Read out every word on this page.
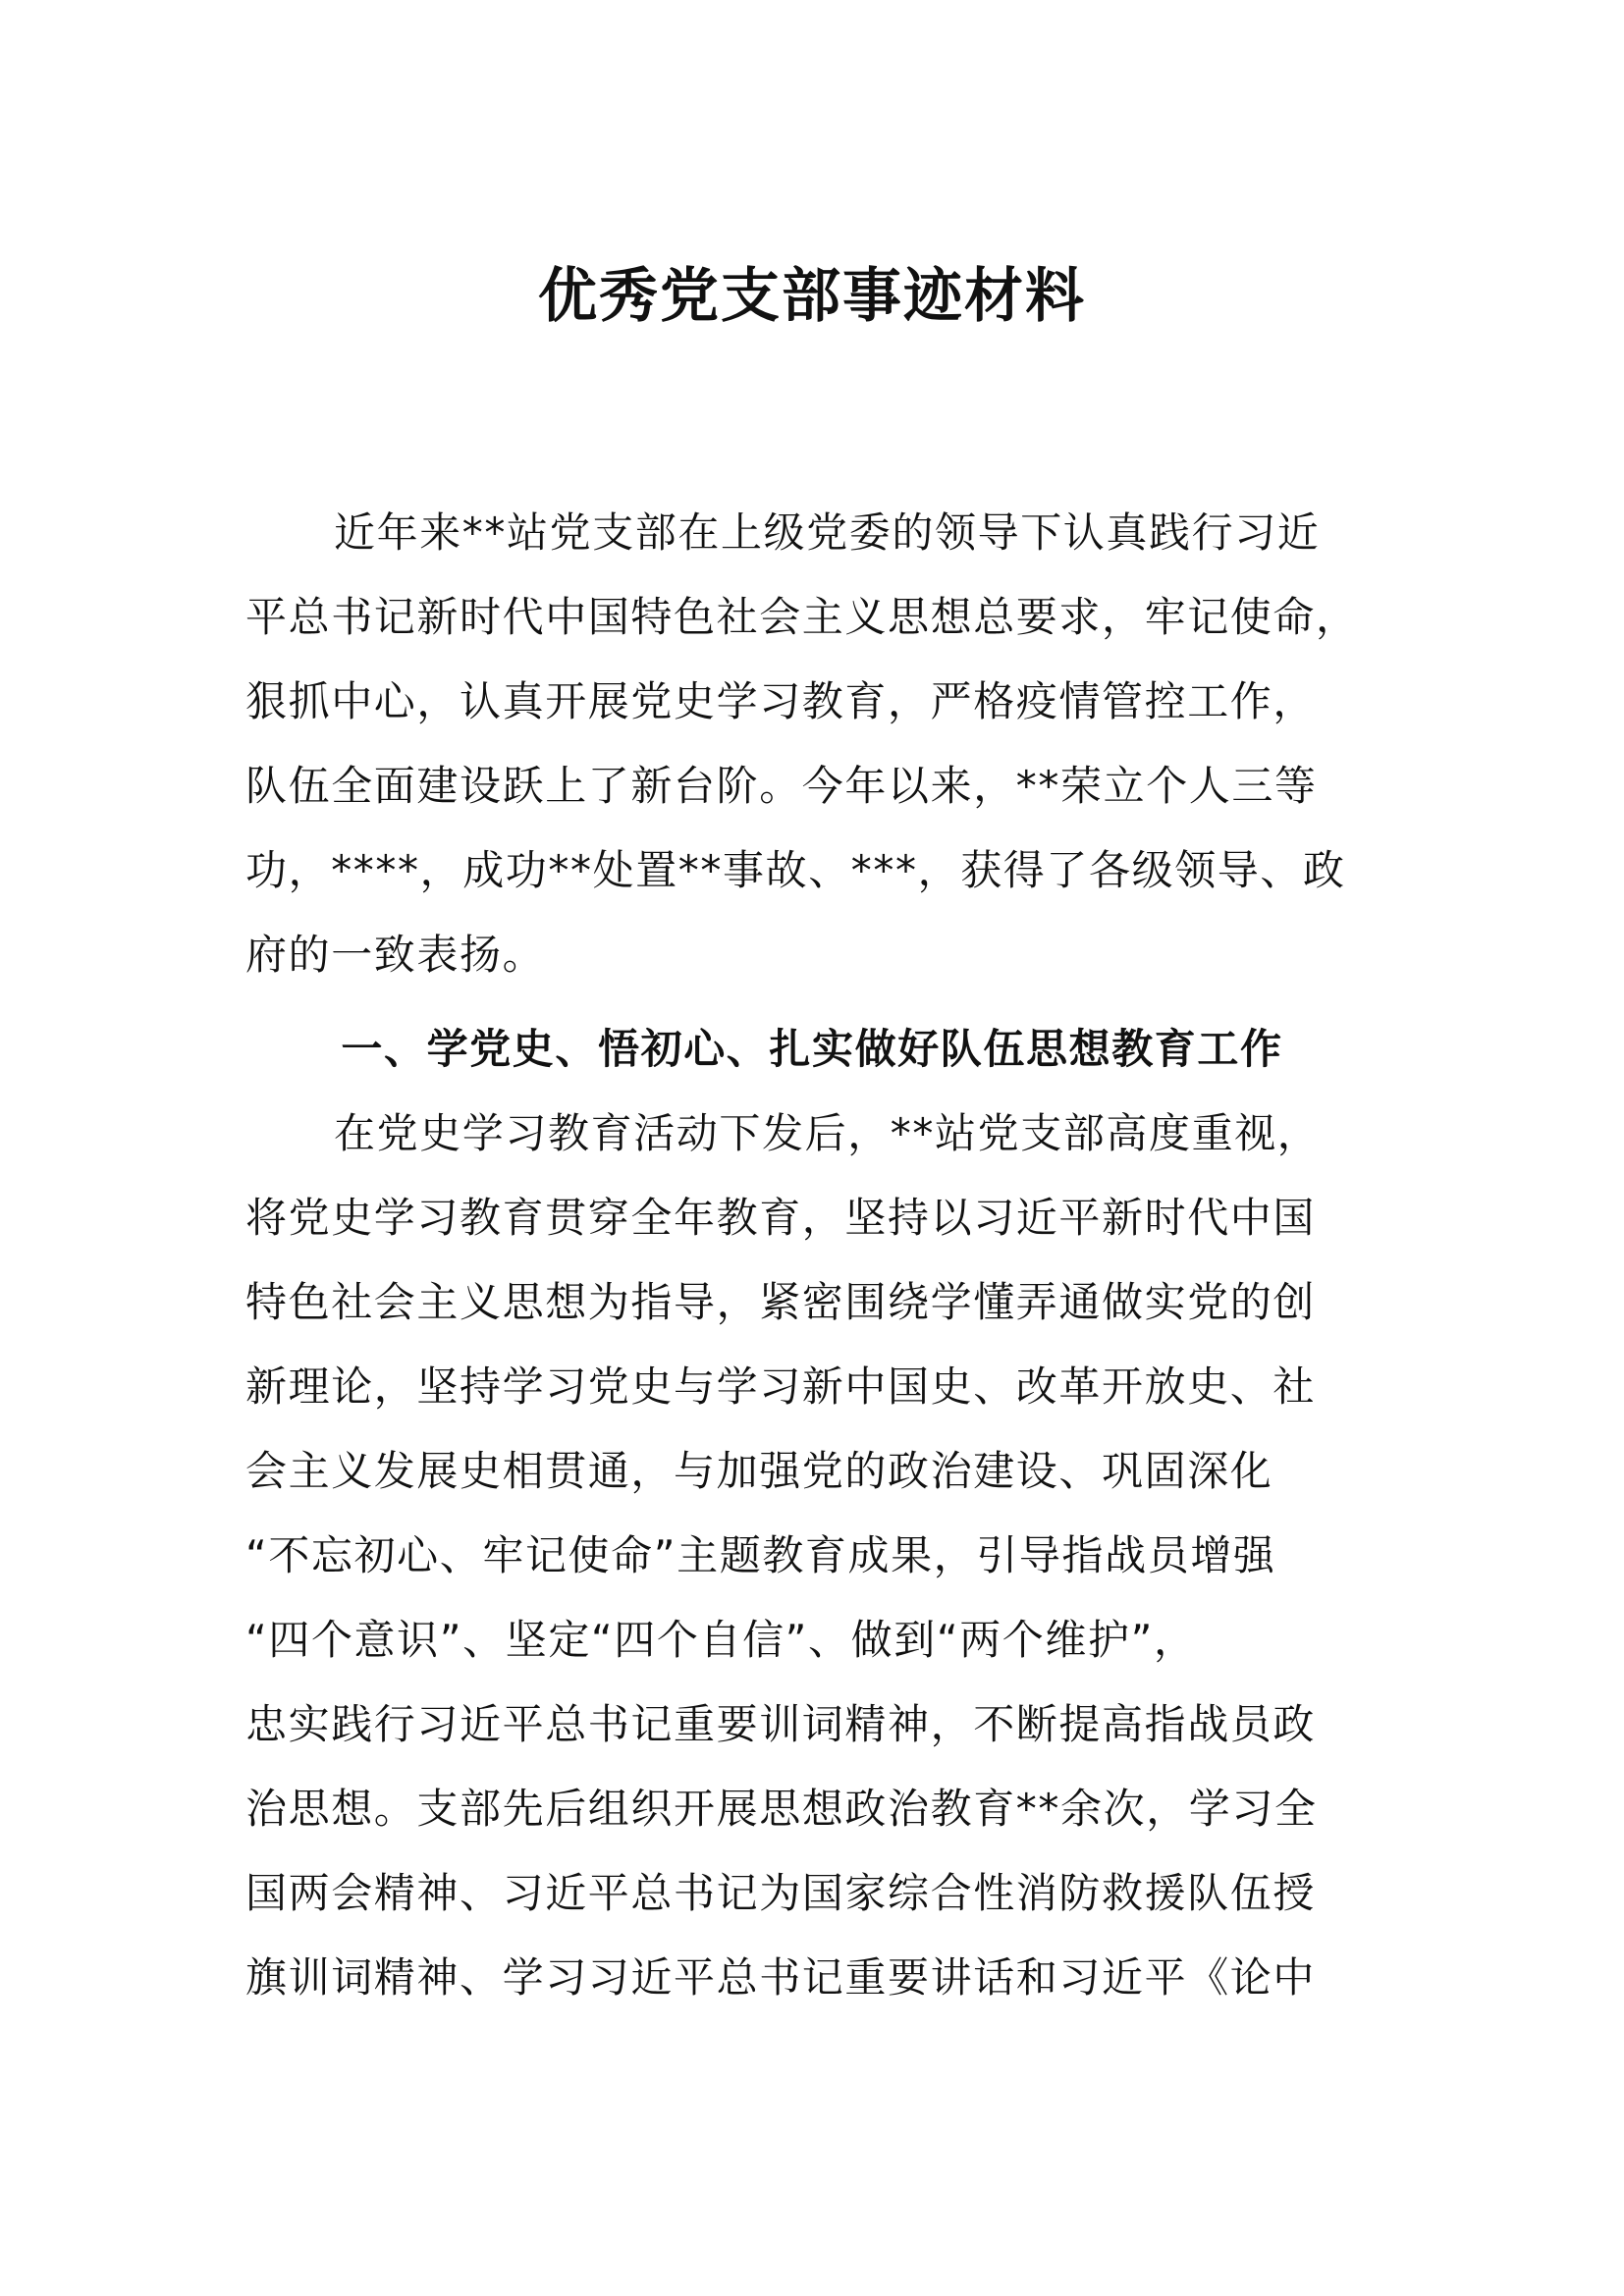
优秀党支部事迹材料
近年来**站党支部在上级党委的领导下认真践行习近
平总书记新时代中国特色社会主义思想总要求，牢记使命，
狠抓中心，认真开展党史学习教育，严格疫情管控工作，
队伍全面建设跃上了新台阶。今年以来，**荣立个人三等
功，****，成功**处置**事故、***，获得了各级领导、政
府的一致表扬。
一、学党史、悟初心、扎实做好队伍思想教育工作
在党史学习教育活动下发后，**站党支部高度重视，
将党史学习教育贯穿全年教育，坚持以习近平新时代中国
特色社会主义思想为指导，紧密围绕学懂弄通做实党的创
新理论，坚持学习党史与学习新中国史、改革开放史、社
会主义发展史相贯通，与加强党的政治建设、巩固深化
“不忘初心、牢记使命”主题教育成果，引导指战员增强
“四个意识”、坚定“四个自信”、做到“两个维护”，
忠实践行习近平总书记重要训词精神，不断提高指战员政
治思想。支部先后组织开展思想政治教育**余次，学习全
国两会精神、习近平总书记为国家综合性消防救援队伍授
旗训词精神、学习习近平总书记重要讲话和习近平《论中
